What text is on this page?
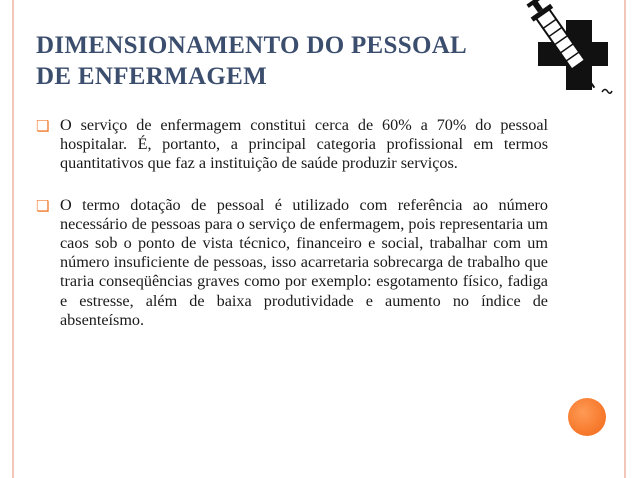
DIMENSIONAMENTO DO PESSOAL
DE ENFERMAGEM
❏ O serviço de enfermagem constitui cerca de 60% a 70% do pessoal hospitalar. É, portanto, a principal categoria profissional em termos quantitativos que faz a instituição de saúde produzir serviços.
❏ O termo dotação de pessoal é utilizado com referência ao número necessário de pessoas para o serviço de enfermagem, pois representaria um caos sob o ponto de vista técnico, financeiro e social, trabalhar com um número insuficiente de pessoas, isso acarretaria sobrecarga de trabalho que traria conseqüências graves como por exemplo: esgotamento físico, fadiga e estresse, além de baixa produtividade e aumento no índice de absenteísmo.
